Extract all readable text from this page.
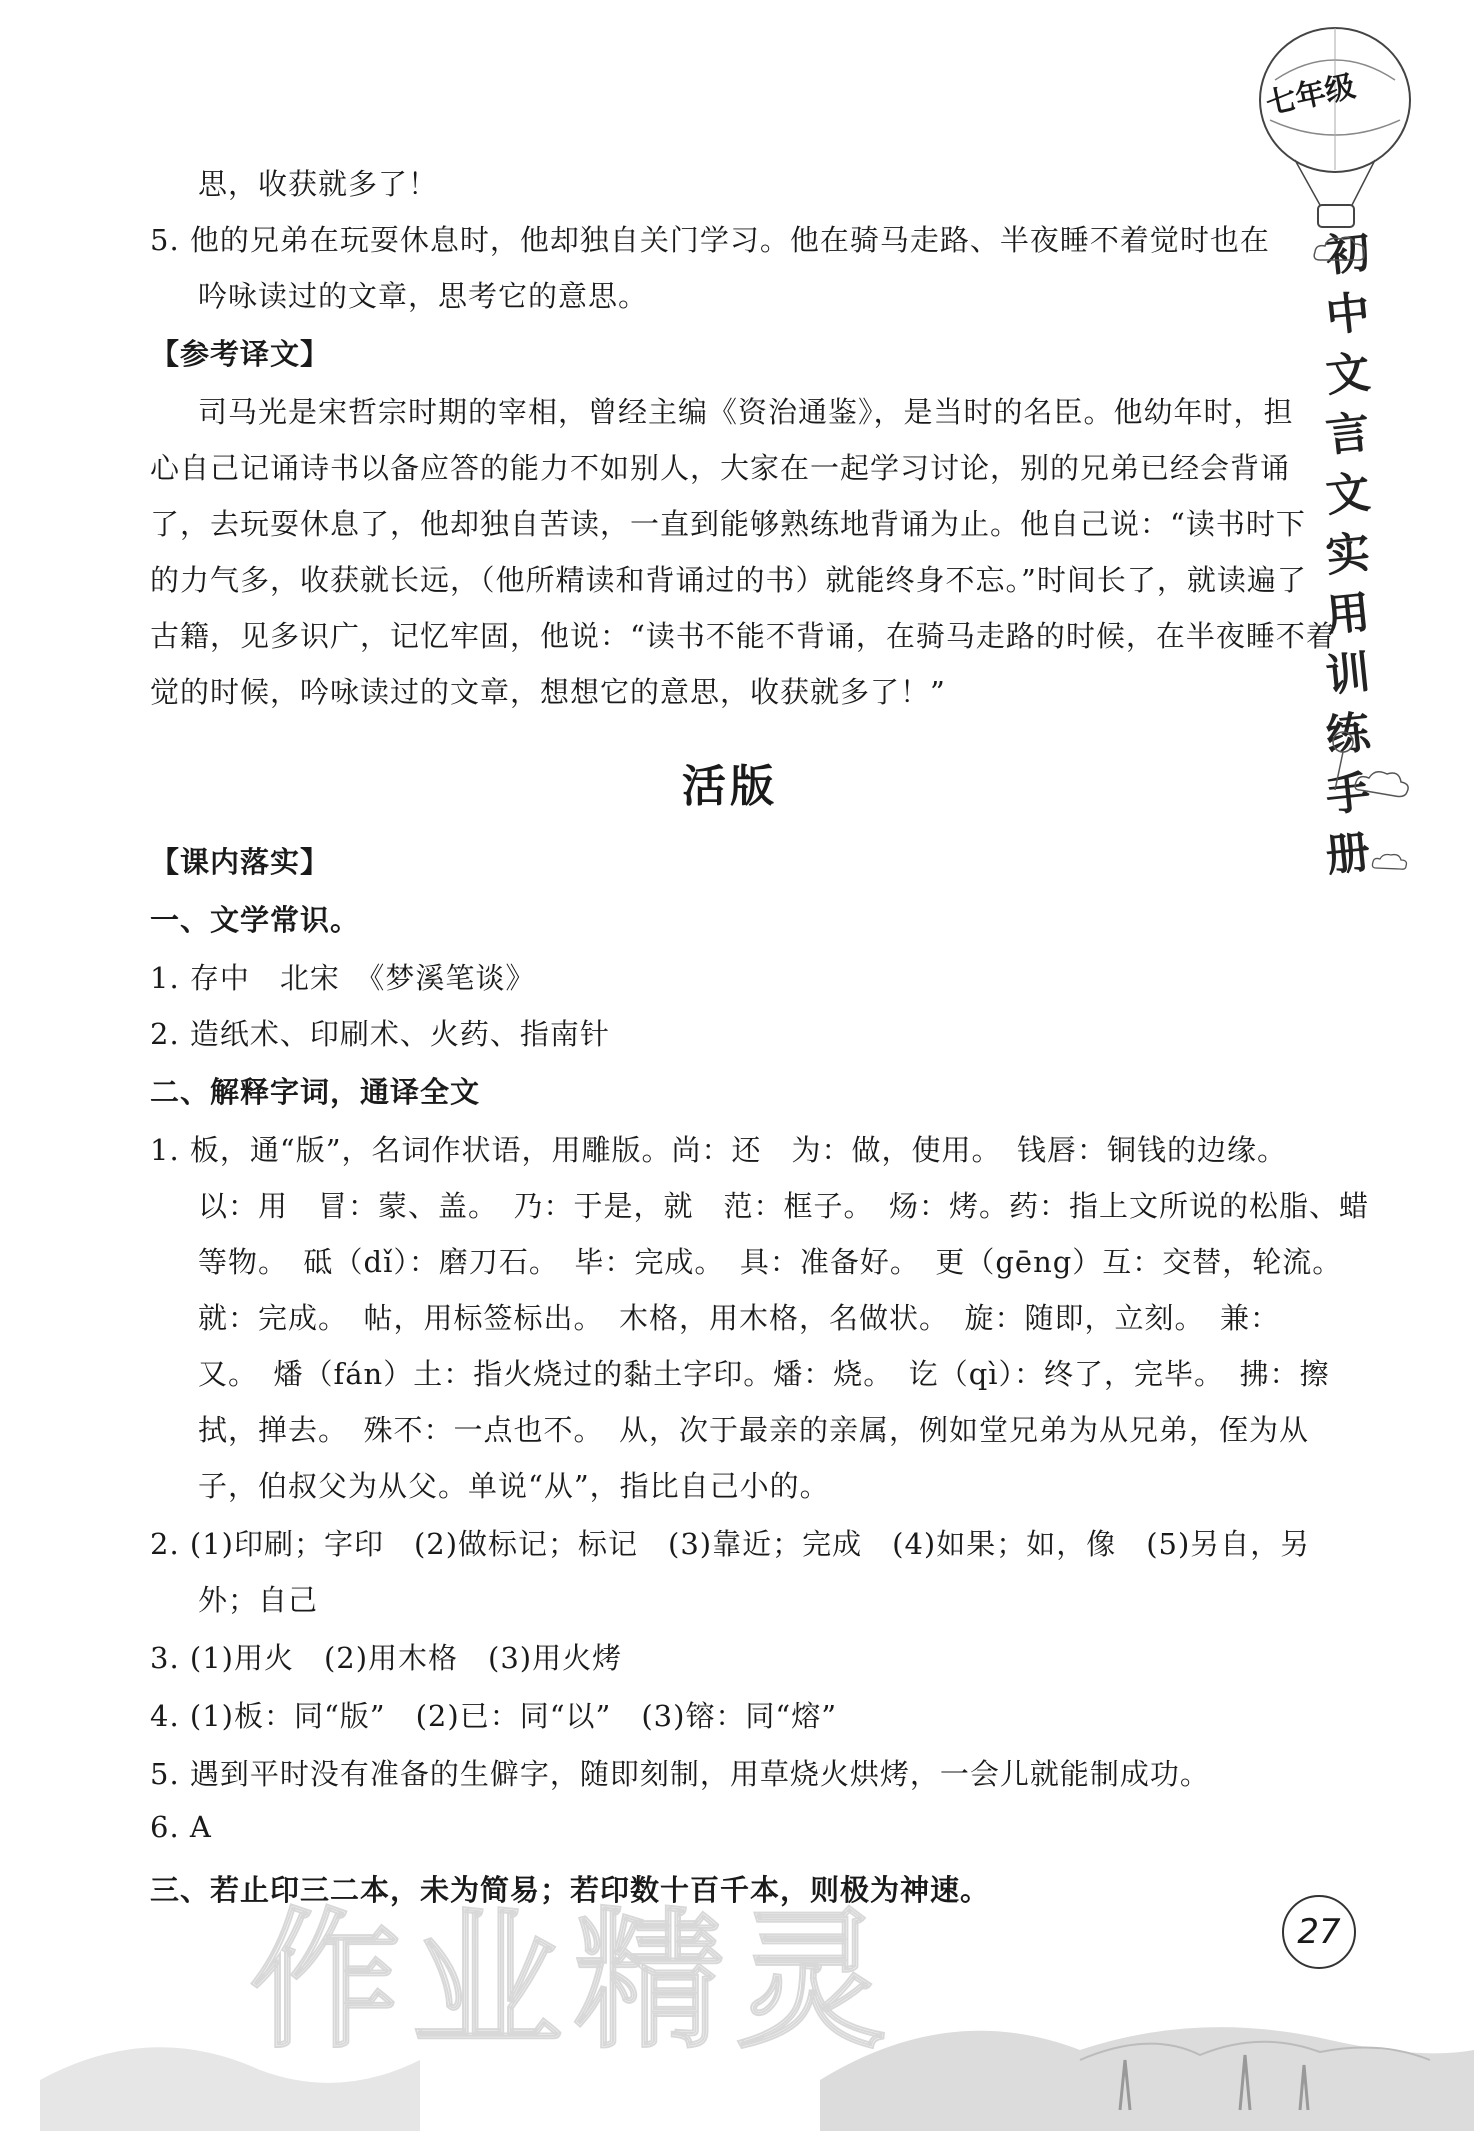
七年级
初
中
文
言
文
实
用
训
练
手
册
思，收获就多了！
5. 他的兄弟在玩耍休息时，他却独自关门学习。他在骑马走路、半夜睡不着觉时也在
吟咏读过的文章，思考它的意思。
【参考译文】
司马光是宋哲宗时期的宰相，曾经主编《资治通鉴》，是当时的名臣。他幼年时，担
心自己记诵诗书以备应答的能力不如别人，大家在一起学习讨论，别的兄弟已经会背诵
了，去玩耍休息了，他却独自苦读，一直到能够熟练地背诵为止。他自己说：“读书时下
的力气多，收获就长远，（他所精读和背诵过的书）就能终身不忘。”时间长了，就读遍了
古籍，见多识广，记忆牢固，他说：“读书不能不背诵，在骑马走路的时候，在半夜睡不着
觉的时候，吟咏读过的文章，想想它的意思，收获就多了！”
活版
【课内落实】
一、文学常识。
1. 存中　北宋　《梦溪笔谈》
2. 造纸术、印刷术、火药、指南针
二、解释字词，通译全文
1. 板，通“版”，名词作状语，用雕版。尚：还　为：做，使用。　钱唇：铜钱的边缘。
以：用　冒：蒙、盖。　乃：于是，就　范：框子。　炀：烤。药：指上文所说的松脂、蜡
等物。　砥（dǐ）：磨刀石。　毕：完成。　具：准备好。　更（gēng）互：交替，轮流。
就：完成。　帖，用标签标出。　木格，用木格，名做状。　旋：随即，立刻。　兼：
又。　燔（fán）土：指火烧过的黏土字印。燔：烧。　讫（qì）：终了，完毕。　拂：擦
拭，掸去。　殊不：一点也不。　从，次于最亲的亲属，例如堂兄弟为从兄弟，侄为从
子，伯叔父为从父。单说“从”，指比自己小的。
2. (1)印刷；字印　(2)做标记；标记　(3)靠近；完成　(4)如果；如，像　(5)另自，另
外；自己
3. (1)用火　(2)用木格　(3)用火烤
4. (1)板：同“版”　(2)已：同“以”　(3)镕：同“熔”
5. 遇到平时没有准备的生僻字，随即刻制，用草烧火烘烤，一会儿就能制成功。
6. A
三、若止印三二本，未为简易；若印数十百千本，则极为神速。
作业精灵	27
